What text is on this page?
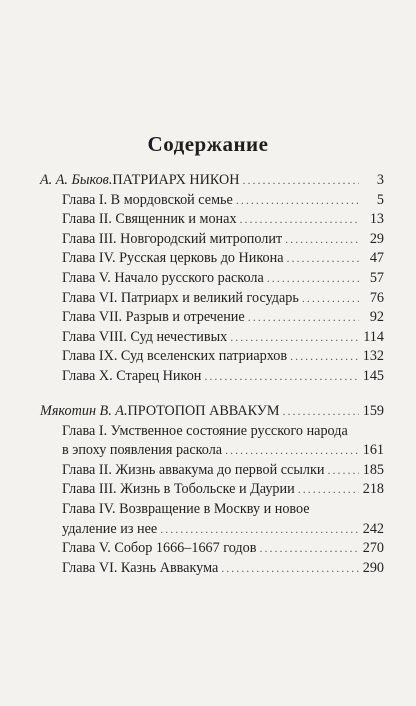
Содержание
А. А. Быков. ПАТРИАРХ НИКОН .....	3
Глава I. В мордовской семье .....	5
Глава II. Священник и монах .....	13
Глава III. Новгородский митрополит .....	29
Глава IV. Русская церковь до Никона .....	47
Глава V. Начало русского раскола .....	57
Глава VI. Патриарх и великий государь .....	76
Глава VII. Разрыв и отречение .....	92
Глава VIII. Суд нечестивых .....	114
Глава IX. Суд вселенских патриархов .....	132
Глава X. Старец Никон .....	145
Мякотин В. А. ПРОТОПОП АВВАКУМ .....	159
Глава I. Умственное состояние русского народа
в эпоху появления раскола .....	161
Глава II. Жизнь аввакума до первой ссылки .....	185
Глава III. Жизнь в Тобольске и Даурии .....	218
Глава IV. Возвращение в Москву и новое
удаление из нее .....	242
Глава V. Собор 1666–1667 годов .....	270
Глава VI. Казнь Аввакума .....	290
